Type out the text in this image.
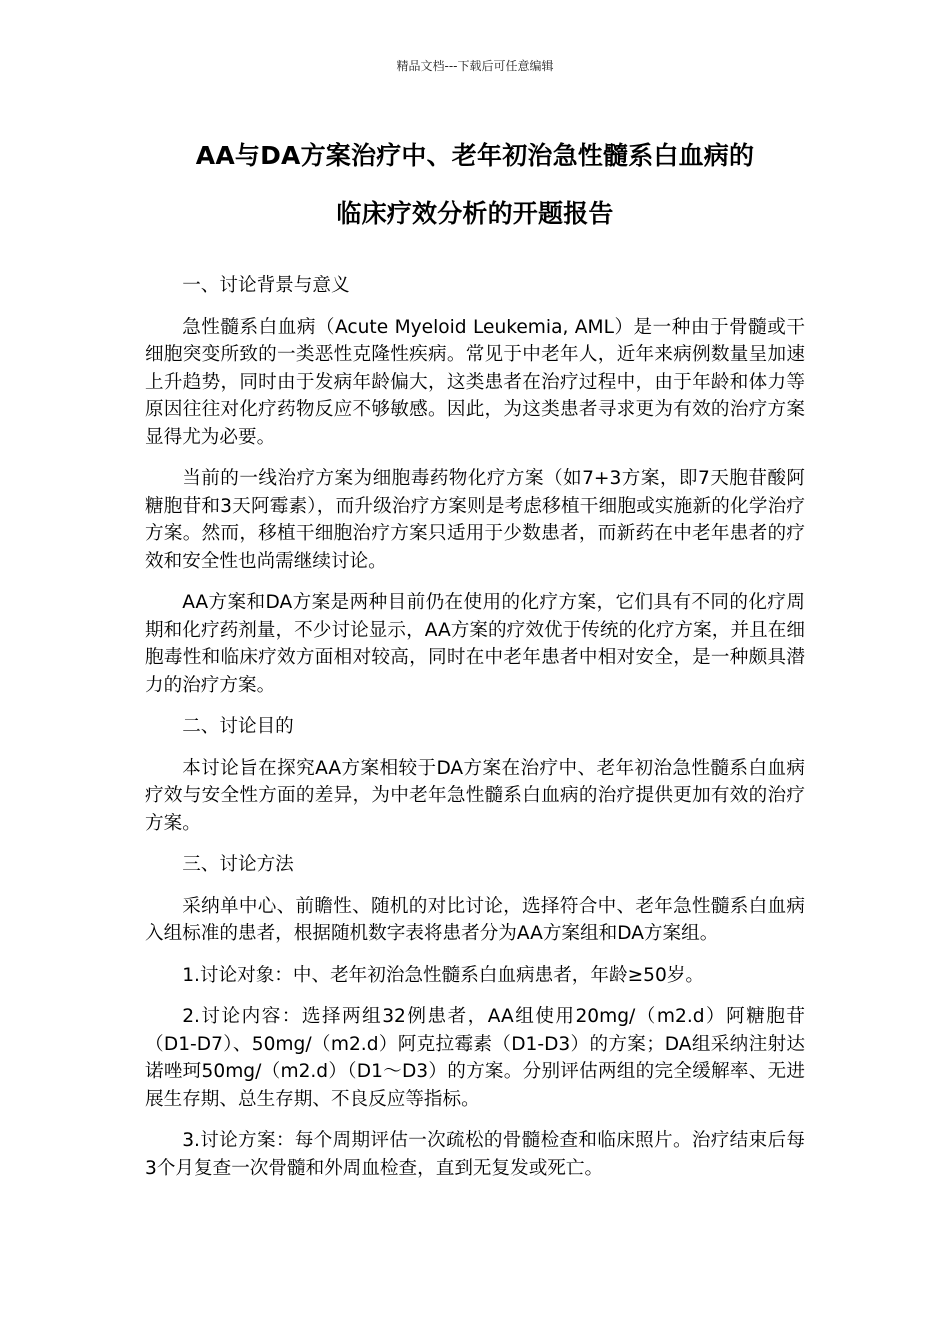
精品文档---下载后可任意编辑
AA与DA方案治疗中、老年初治急性髓系白血病的
临床疗效分析的开题报告

一、讨论背景与意义

急性髓系白血病（Acute Myeloid Leukemia, AML）是一种由于骨髓或干细胞突变所致的一类恶性克隆性疾病。常见于中老年人，近年来病例数量呈加速上升趋势，同时由于发病年龄偏大，这类患者在治疗过程中，由于年龄和体力等原因往往对化疗药物反应不够敏感。因此，为这类患者寻求更为有效的治疗方案显得尤为必要。

当前的一线治疗方案为细胞毒药物化疗方案（如7+3方案，即7天胞苷酸阿糖胞苷和3天阿霉素），而升级治疗方案则是考虑移植干细胞或实施新的化学治疗方案。然而，移植干细胞治疗方案只适用于少数患者，而新药在中老年患者的疗效和安全性也尚需继续讨论。

AA方案和DA方案是两种目前仍在使用的化疗方案，它们具有不同的化疗周期和化疗药剂量，不少讨论显示，AA方案的疗效优于传统的化疗方案，并且在细胞毒性和临床疗效方面相对较高，同时在中老年患者中相对安全，是一种颇具潜力的治疗方案。

二、讨论目的

本讨论旨在探究AA方案相较于DA方案在治疗中、老年初治急性髓系白血病疗效与安全性方面的差异，为中老年急性髓系白血病的治疗提供更加有效的治疗方案。

三、讨论方法

采纳单中心、前瞻性、随机的对比讨论，选择符合中、老年急性髓系白血病入组标准的患者，根据随机数字表将患者分为AA方案组和DA方案组。

1.讨论对象：中、老年初治急性髓系白血病患者，年龄≥50岁。

2.讨论内容：选择两组32例患者，AA组使用20mg/（m2.d）阿糖胞苷（D1-D7）、50mg/（m2.d）阿克拉霉素（D1-D3）的方案；DA组采纳注射达诺唑珂50mg/（m2.d）（D1～D3）的方案。分别评估两组的完全缓解率、无进展生存期、总生存期、不良反应等指标。

3.讨论方案：每个周期评估一次疏松的骨髓检查和临床照片。治疗结束后每3个月复查一次骨髓和外周血检查，直到无复发或死亡。
